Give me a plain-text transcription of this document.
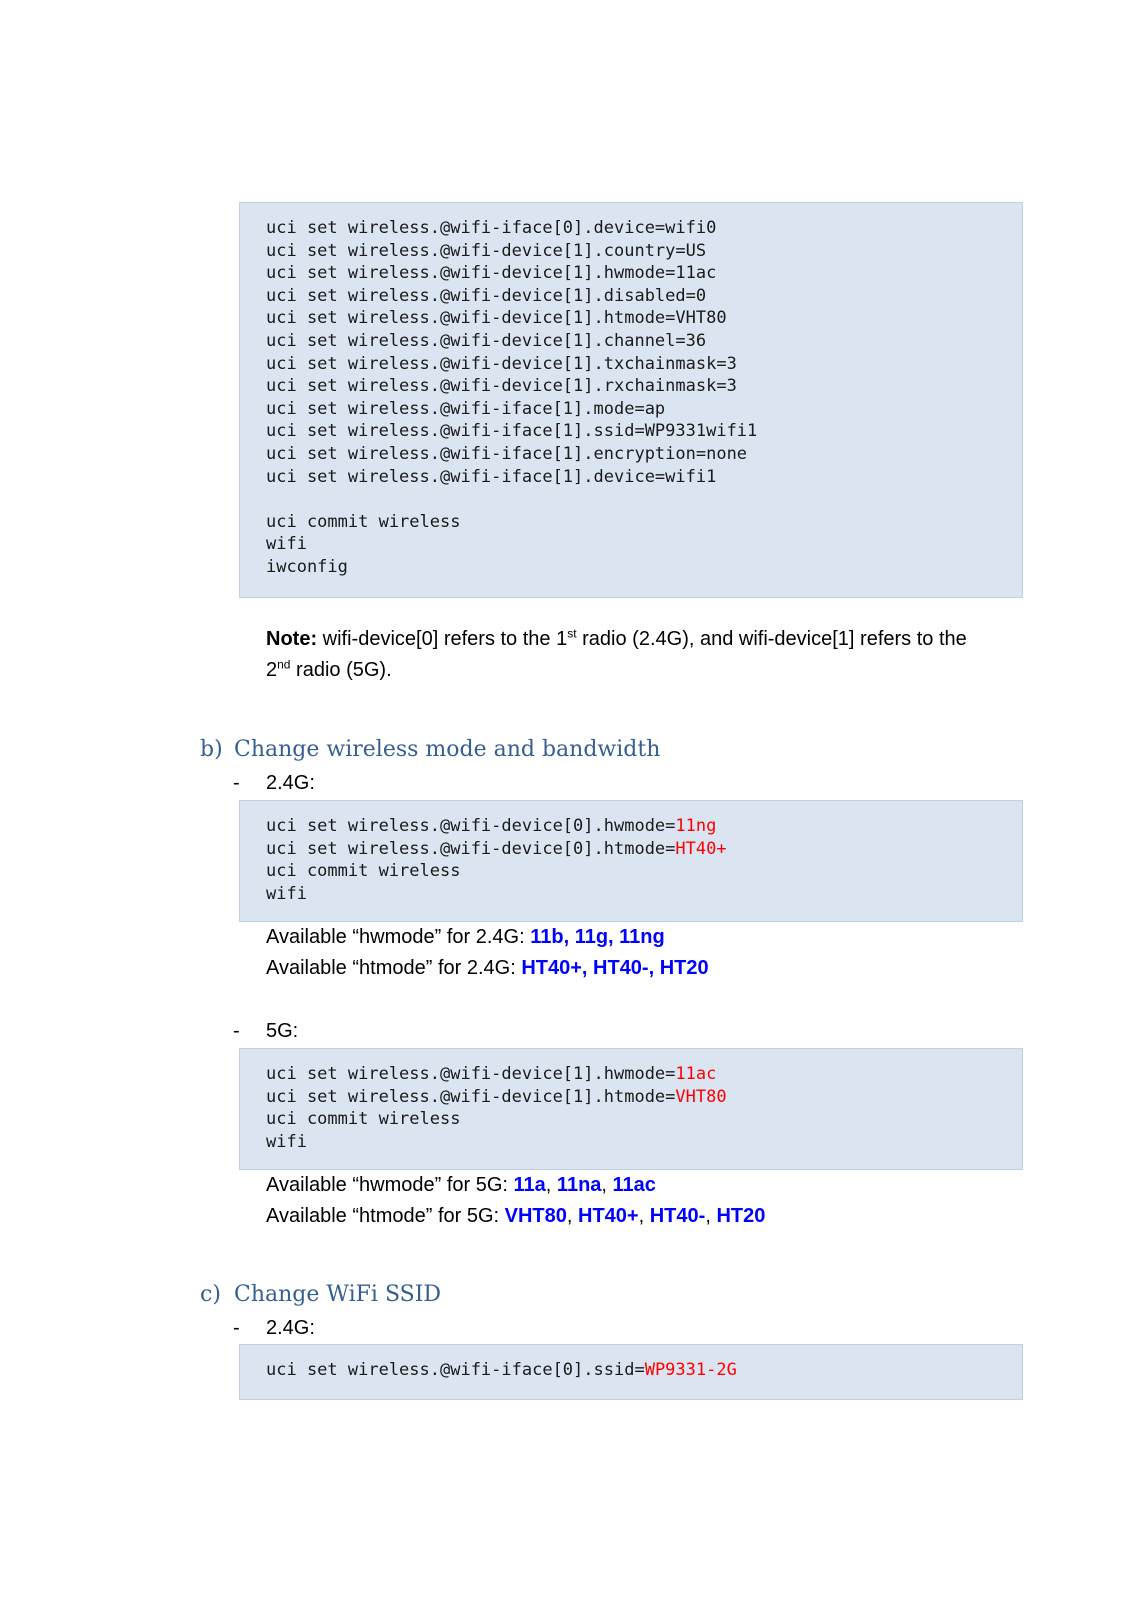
uci set wireless.@wifi-iface[0].device=wifi0
uci set wireless.@wifi-device[1].country=US
uci set wireless.@wifi-device[1].hwmode=11ac
uci set wireless.@wifi-device[1].disabled=0
uci set wireless.@wifi-device[1].htmode=VHT80
uci set wireless.@wifi-device[1].channel=36
uci set wireless.@wifi-device[1].txchainmask=3
uci set wireless.@wifi-device[1].rxchainmask=3
uci set wireless.@wifi-iface[1].mode=ap
uci set wireless.@wifi-iface[1].ssid=WP9331wifi1
uci set wireless.@wifi-iface[1].encryption=none
uci set wireless.@wifi-iface[1].device=wifi1
uci commit wireless
wifi
iwconfig
Note: wifi-device[0] refers to the 1st radio (2.4G), and wifi-device[1] refers to the
2nd radio (5G).
b) Change wireless mode and bandwidth
- 2.4G:
uci set wireless.@wifi-device[0].hwmode=11ng
uci set wireless.@wifi-device[0].htmode=HT40+
uci commit wireless
wifi
Available “hwmode” for 2.4G: 11b, 11g, 11ng
Available “htmode” for 2.4G: HT40+, HT40-, HT20
- 5G:
uci set wireless.@wifi-device[1].hwmode=11ac
uci set wireless.@wifi-device[1].htmode=VHT80
uci commit wireless
wifi
Available “hwmode” for 5G: 11a, 11na, 11ac
Available “htmode” for 5G: VHT80, HT40+, HT40-, HT20
c) Change WiFi SSID
- 2.4G:
uci set wireless.@wifi-iface[0].ssid=WP9331-2G
